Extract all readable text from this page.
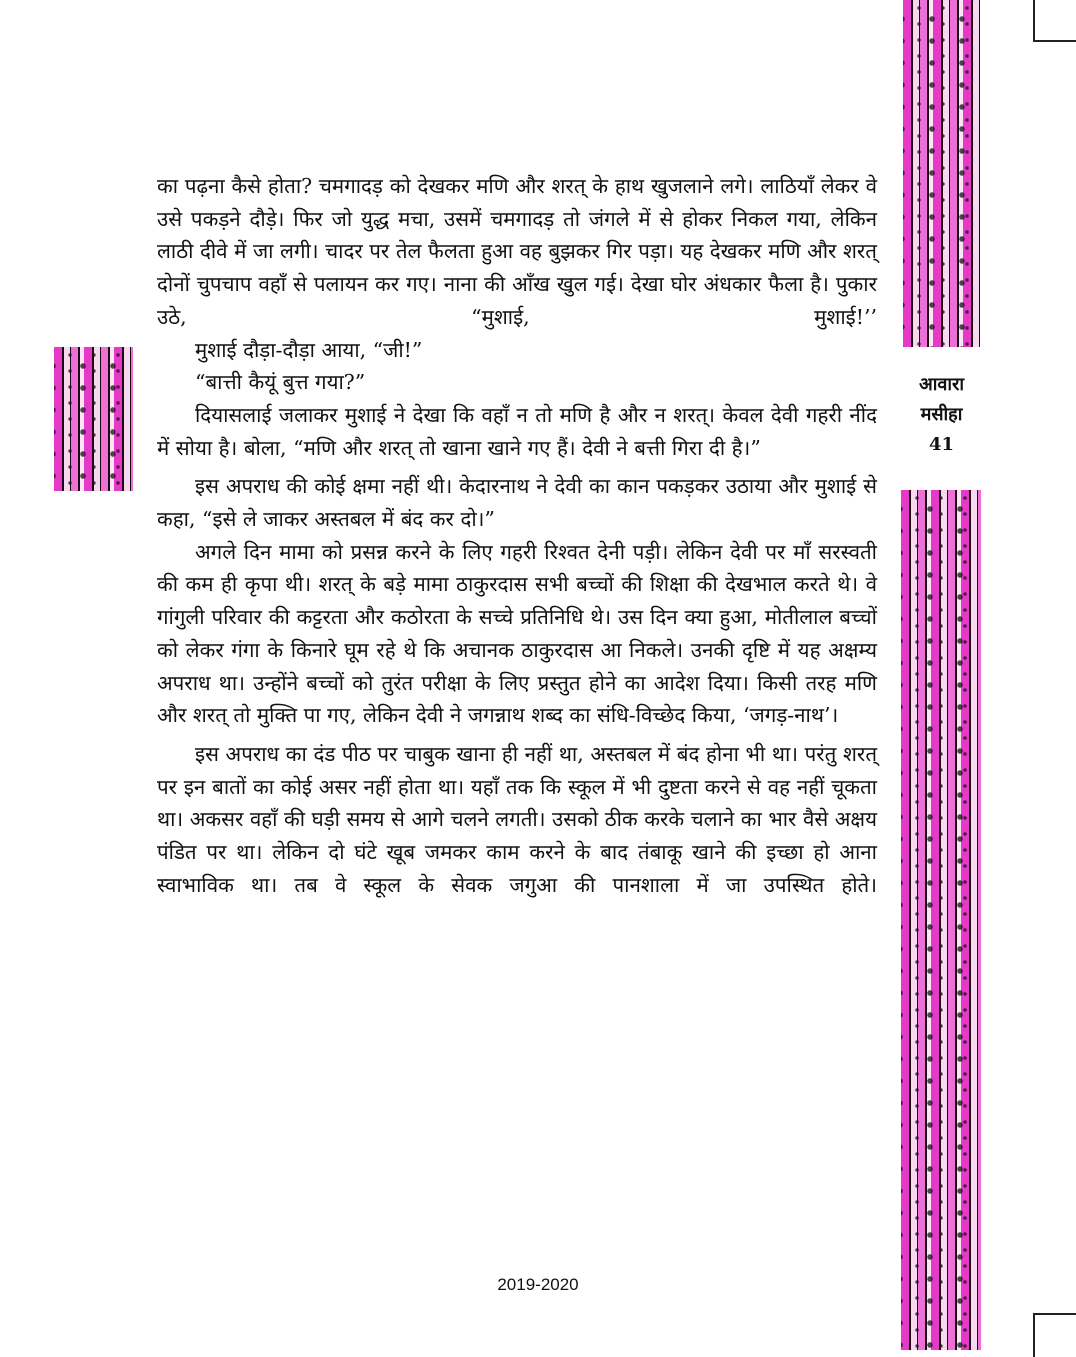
आवारा
मसीहा
41

का पढ़ना कैसे होता? चमगादड़ को देखकर मणि और शरत् के हाथ खुजलाने लगे। लाठियाँ लेकर वे उसे पकड़ने दौड़े। फिर जो युद्ध मचा, उसमें चमगादड़ तो जंगले में से होकर निकल गया, लेकिन लाठी दीवे में जा लगी। चादर पर तेल फैलता हुआ वह बुझकर गिर पड़ा। यह देखकर मणि और शरत् दोनों चुपचाप वहाँ से पलायन कर गए। नाना की आँख खुल गई। देखा घोर अंधकार फैला है। पुकार उठे, “मुशाई, मुशाई!’’

मुशाई दौड़ा-दौड़ा आया, “जी!”

“बात्ती कैयूं बुत्त गया?”

दियासलाई जलाकर मुशाई ने देखा कि वहाँ न तो मणि है और न शरत्। केवल देवी गहरी नींद में सोया है। बोला, “मणि और शरत् तो खाना खाने गए हैं। देवी ने बत्ती गिरा दी है।”

इस अपराध की कोई क्षमा नहीं थी। केदारनाथ ने देवी का कान पकड़कर उठाया और मुशाई से कहा, “इसे ले जाकर अस्तबल में बंद कर दो।”

अगले दिन मामा को प्रसन्न करने के लिए गहरी रिश्वत देनी पड़ी। लेकिन देवी पर माँ सरस्वती की कम ही कृपा थी। शरत् के बड़े मामा ठाकुरदास सभी बच्चों की शिक्षा की देखभाल करते थे। वे गांगुली परिवार की कट्टरता और कठोरता के सच्चे प्रतिनिधि थे। उस दिन क्या हुआ, मोतीलाल बच्चों को लेकर गंगा के किनारे घूम रहे थे कि अचानक ठाकुरदास आ निकले। उनकी दृष्टि में यह अक्षम्य अपराध था। उन्होंने बच्चों को तुरंत परीक्षा के लिए प्रस्तुत होने का आदेश दिया। किसी तरह मणि और शरत् तो मुक्ति पा गए, लेकिन देवी ने जगन्नाथ शब्द का संधि-विच्छेद किया, ‘जगड़-नाथ’।

इस अपराध का दंड पीठ पर चाबुक खाना ही नहीं था, अस्तबल में बंद होना भी था। परंतु शरत् पर इन बातों का कोई असर नहीं होता था। यहाँ तक कि स्कूल में भी दुष्टता करने से वह नहीं चूकता था। अकसर वहाँ की घड़ी समय से आगे चलने लगती। उसको ठीक करके चलाने का भार वैसे अक्षय पंडित पर था। लेकिन दो घंटे खूब जमकर काम करने के बाद तंबाकू खाने की इच्छा हो आना स्वाभाविक था। तब वे स्कूल के सेवक जगुआ की पानशाला में जा उपस्थित होते।

2019-2020
